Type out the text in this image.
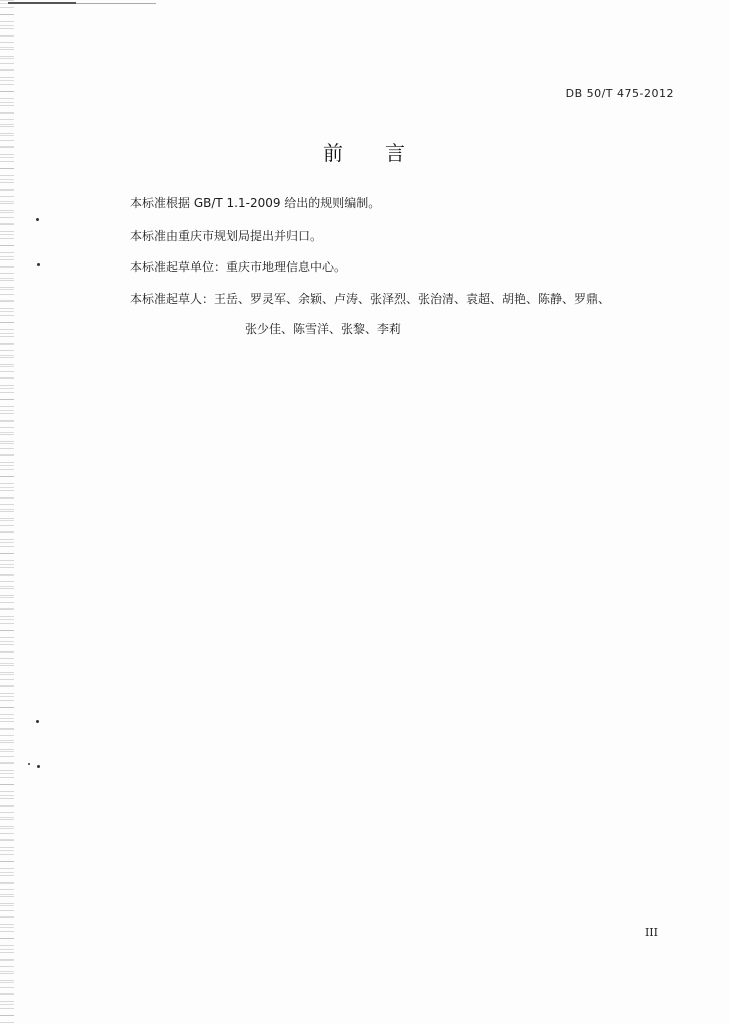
DB 50/T 475-2012
前 言
本标准根据 GB/T 1.1-2009 给出的规则编制。
本标准由重庆市规划局提出并归口。
本标准起草单位：重庆市地理信息中心。
本标准起草人：王岳、罗灵军、余颖、卢涛、张泽烈、张治清、袁超、胡艳、陈静、罗鼎、
张少佳、陈雪洋、张黎、李莉
III
